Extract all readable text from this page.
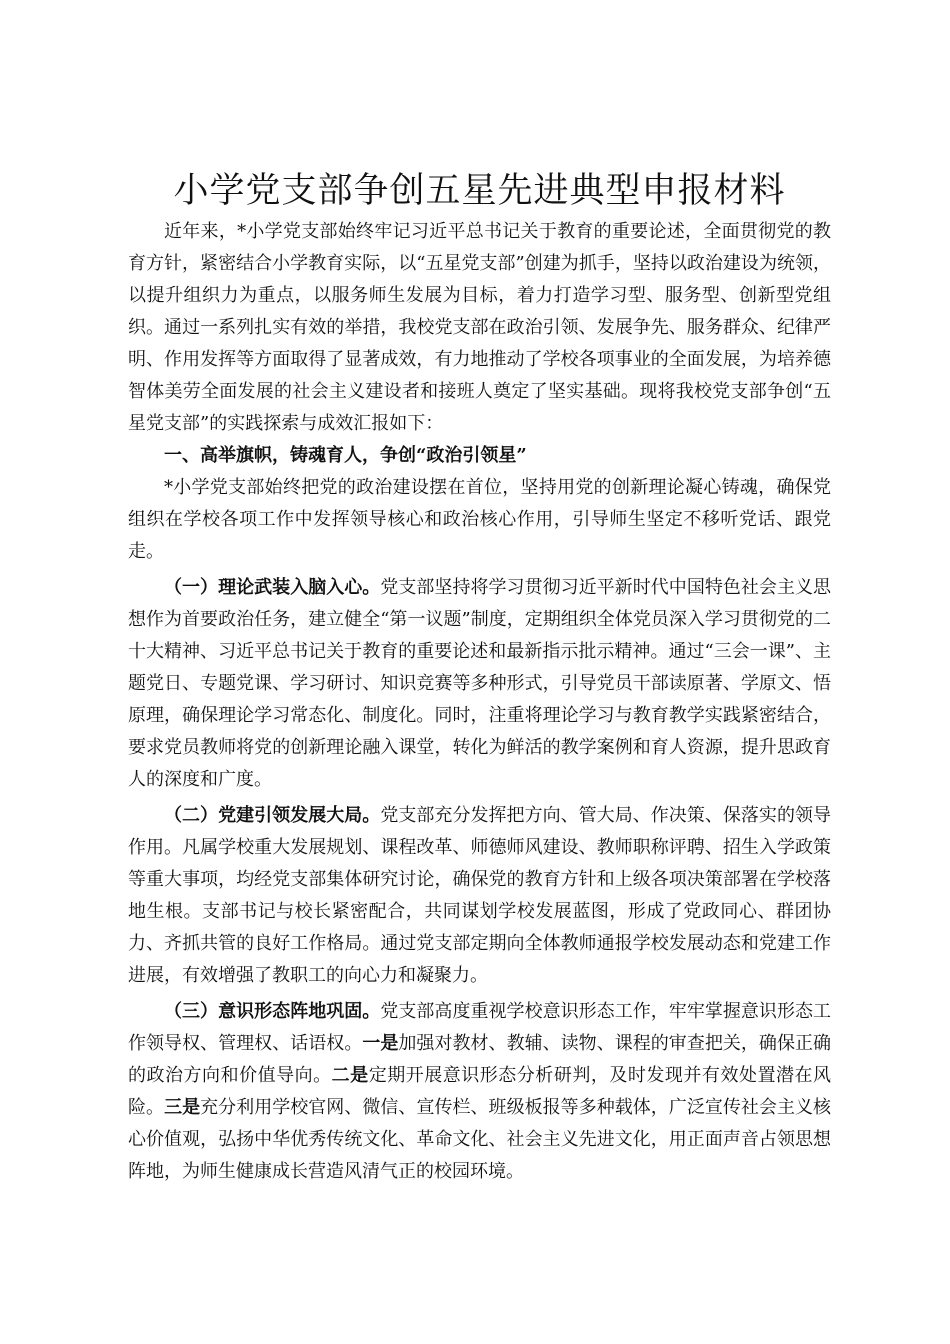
小学党支部争创五星先进典型申报材料

近年来，*小学党支部始终牢记习近平总书记关于教育的重要论述，全面贯彻党的教育方针，紧密结合小学教育实际，以“五星党支部”创建为抓手，坚持以政治建设为统领，以提升组织力为重点，以服务师生发展为目标，着力打造学习型、服务型、创新型党组织。通过一系列扎实有效的举措，我校党支部在政治引领、发展争先、服务群众、纪律严明、作用发挥等方面取得了显著成效，有力地推动了学校各项事业的全面发展，为培养德智体美劳全面发展的社会主义建设者和接班人奠定了坚实基础。现将我校党支部争创“五星党支部”的实践探索与成效汇报如下：

一、高举旗帜，铸魂育人，争创“政治引领星”

*小学党支部始终把党的政治建设摆在首位，坚持用党的创新理论凝心铸魂，确保党组织在学校各项工作中发挥领导核心和政治核心作用，引导师生坚定不移听党话、跟党走。

（一）理论武装入脑入心。党支部坚持将学习贯彻习近平新时代中国特色社会主义思想作为首要政治任务，建立健全“第一议题”制度，定期组织全体党员深入学习贯彻党的二十大精神、习近平总书记关于教育的重要论述和最新指示批示精神。通过“三会一课”、主题党日、专题党课、学习研讨、知识竞赛等多种形式，引导党员干部读原著、学原文、悟原理，确保理论学习常态化、制度化。同时，注重将理论学习与教育教学实践紧密结合，要求党员教师将党的创新理论融入课堂，转化为鲜活的教学案例和育人资源，提升思政育人的深度和广度。

（二）党建引领发展大局。党支部充分发挥把方向、管大局、作决策、保落实的领导作用。凡属学校重大发展规划、课程改革、师德师风建设、教师职称评聘、招生入学政策等重大事项，均经党支部集体研究讨论，确保党的教育方针和上级各项决策部署在学校落地生根。支部书记与校长紧密配合，共同谋划学校发展蓝图，形成了党政同心、群团协力、齐抓共管的良好工作格局。通过党支部定期向全体教师通报学校发展动态和党建工作进展，有效增强了教职工的向心力和凝聚力。

（三）意识形态阵地巩固。党支部高度重视学校意识形态工作，牢牢掌握意识形态工作领导权、管理权、话语权。一是加强对教材、教辅、读物、课程的审查把关，确保正确的政治方向和价值导向。二是定期开展意识形态分析研判，及时发现并有效处置潜在风险。三是充分利用学校官网、微信、宣传栏、班级板报等多种载体，广泛宣传社会主义核心价值观，弘扬中华优秀传统文化、革命文化、社会主义先进文化，用正面声音占领思想阵地，为师生健康成长营造风清气正的校园环境。
